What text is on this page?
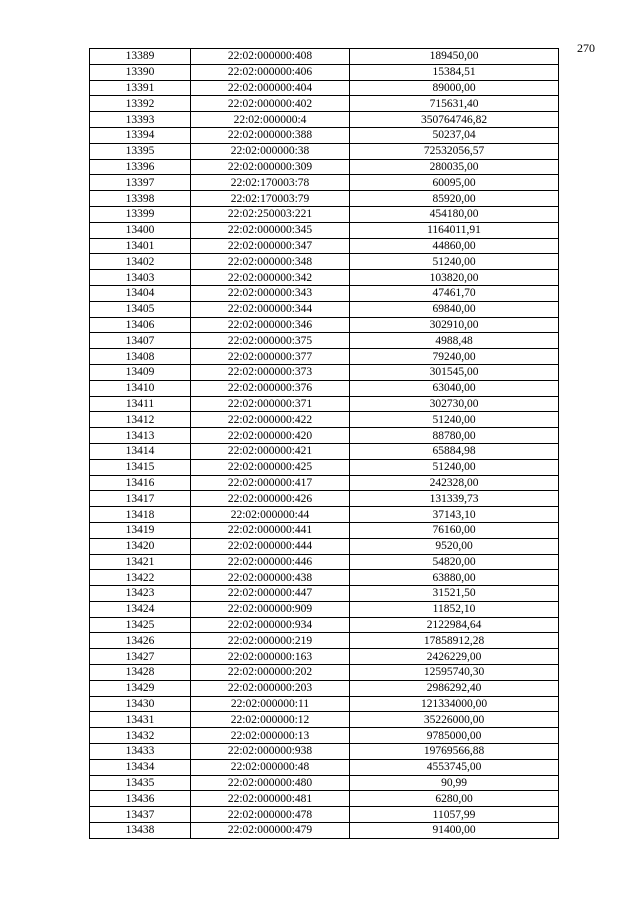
270
13389	22:02:000000:408	189450,00
13390	22:02:000000:406	15384,51
13391	22:02:000000:404	89000,00
13392	22:02:000000:402	715631,40
13393	22:02:000000:4	350764746,82
13394	22:02:000000:388	50237,04
13395	22:02:000000:38	72532056,57
13396	22:02:000000:309	280035,00
13397	22:02:170003:78	60095,00
13398	22:02:170003:79	85920,00
13399	22:02:250003:221	454180,00
13400	22:02:000000:345	1164011,91
13401	22:02:000000:347	44860,00
13402	22:02:000000:348	51240,00
13403	22:02:000000:342	103820,00
13404	22:02:000000:343	47461,70
13405	22:02:000000:344	69840,00
13406	22:02:000000:346	302910,00
13407	22:02:000000:375	4988,48
13408	22:02:000000:377	79240,00
13409	22:02:000000:373	301545,00
13410	22:02:000000:376	63040,00
13411	22:02:000000:371	302730,00
13412	22:02:000000:422	51240,00
13413	22:02:000000:420	88780,00
13414	22:02:000000:421	65884,98
13415	22:02:000000:425	51240,00
13416	22:02:000000:417	242328,00
13417	22:02:000000:426	131339,73
13418	22:02:000000:44	37143,10
13419	22:02:000000:441	76160,00
13420	22:02:000000:444	9520,00
13421	22:02:000000:446	54820,00
13422	22:02:000000:438	63880,00
13423	22:02:000000:447	31521,50
13424	22:02:000000:909	11852,10
13425	22:02:000000:934	2122984,64
13426	22:02:000000:219	17858912,28
13427	22:02:000000:163	2426229,00
13428	22:02:000000:202	12595740,30
13429	22:02:000000:203	2986292,40
13430	22:02:000000:11	121334000,00
13431	22:02:000000:12	35226000,00
13432	22:02:000000:13	9785000,00
13433	22:02:000000:938	19769566,88
13434	22:02:000000:48	4553745,00
13435	22:02:000000:480	90,99
13436	22:02:000000:481	6280,00
13437	22:02:000000:478	11057,99
13438	22:02:000000:479	91400,00
